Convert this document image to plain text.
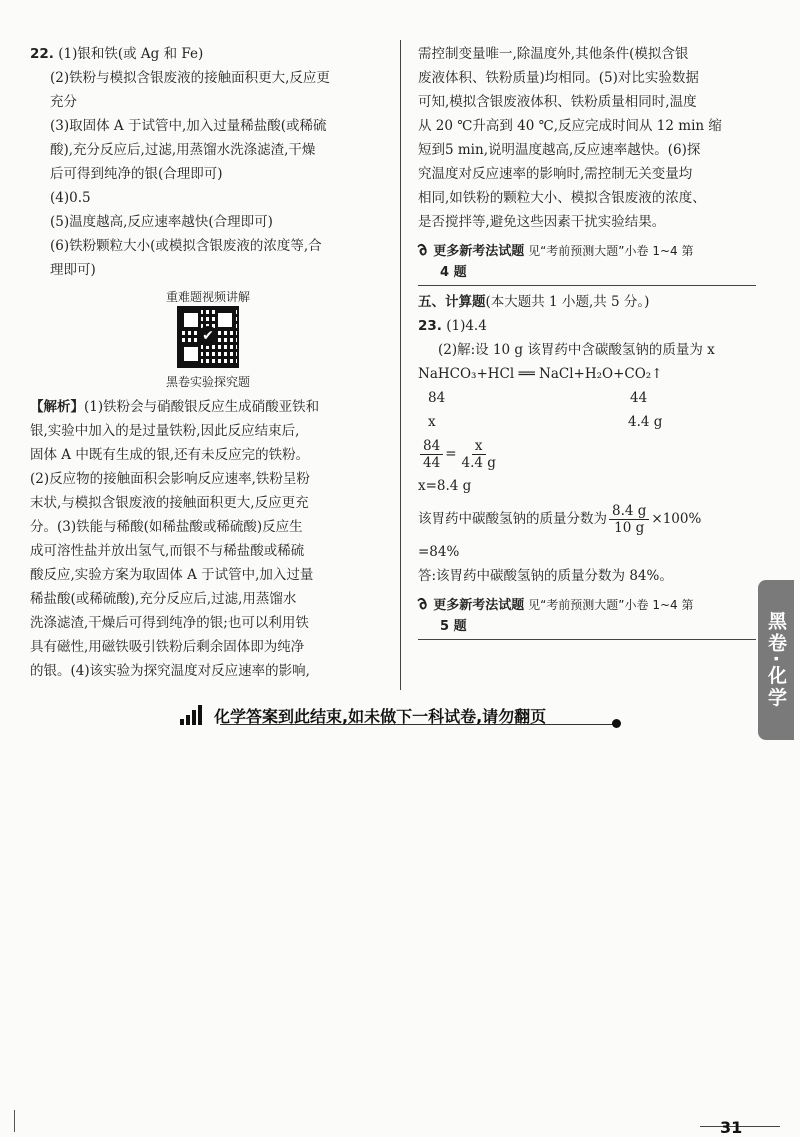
22. (1)银和铁(或 Ag 和 Fe)
(2)铁粉与模拟含银废液的接触面积更大,反应更
充分
(3)取固体 A 于试管中,加入过量稀盐酸(或稀硫
酸),充分反应后,过滤,用蒸馏水洗涤滤渣,干燥
后可得到纯净的银(合理即可)
(4)0.5
(5)温度越高,反应速率越快(合理即可)
(6)铁粉颗粒大小(或模拟含银废液的浓度等,合
理即可)
重难题视频讲解
✔
黑卷实验探究题
【解析】(1)铁粉会与硝酸银反应生成硝酸亚铁和
银,实验中加入的是过量铁粉,因此反应结束后,
固体 A 中既有生成的银,还有未反应完的铁粉。
(2)反应物的接触面积会影响反应速率,铁粉呈粉
末状,与模拟含银废液的接触面积更大,反应更充
分。(3)铁能与稀酸(如稀盐酸或稀硫酸)反应生
成可溶性盐并放出氢气,而银不与稀盐酸或稀硫
酸反应,实验方案为取固体 A 于试管中,加入过量
稀盐酸(或稀硫酸),充分反应后,过滤,用蒸馏水
洗涤滤渣,干燥后可得到纯净的银;也可以利用铁
具有磁性,用磁铁吸引铁粉后剩余固体即为纯净
的银。(4)该实验为探究温度对反应速率的影响,
需控制变量唯一,除温度外,其他条件(模拟含银
废液体积、铁粉质量)均相同。(5)对比实验数据
可知,模拟含银废液体积、铁粉质量相同时,温度
从 20 ℃升高到 40 ℃,反应完成时间从 12 min 缩
短到5 min,说明温度越高,反应速率越快。(6)探
究温度对反应速率的影响时,需控制无关变量均
相同,如铁粉的颗粒大小、模拟含银废液的浓度、
是否搅拌等,避免这些因素干扰实验结果。
∂更多新考法试题 见“考前预测大题”小卷 1~4 第
4 题
五、计算题(本大题共 1 小题,共 5 分。)
23. (1)4.4
(2)解:设 10 g 该胃药中含碳酸氢钠的质量为 x
NaHCO₃+HCl ══ NaCl+H₂O+CO₂↑
84	44
x	4.4 g
$\frac{84}{44} = \frac{x}{4.4 g}$
x=8.4 g
该胃药中碳酸氢钠的质量分数为 $\frac{8.4 g}{10 g} \times 100\%$
=84%
答:该胃药中碳酸氢钠的质量分数为 84%。
∂更多新考法试题 见“考前预测大题”小卷 1~4 第
5 题
化学答案到此结束,如未做下一科试卷,请勿翻页
黑卷·化学
31
